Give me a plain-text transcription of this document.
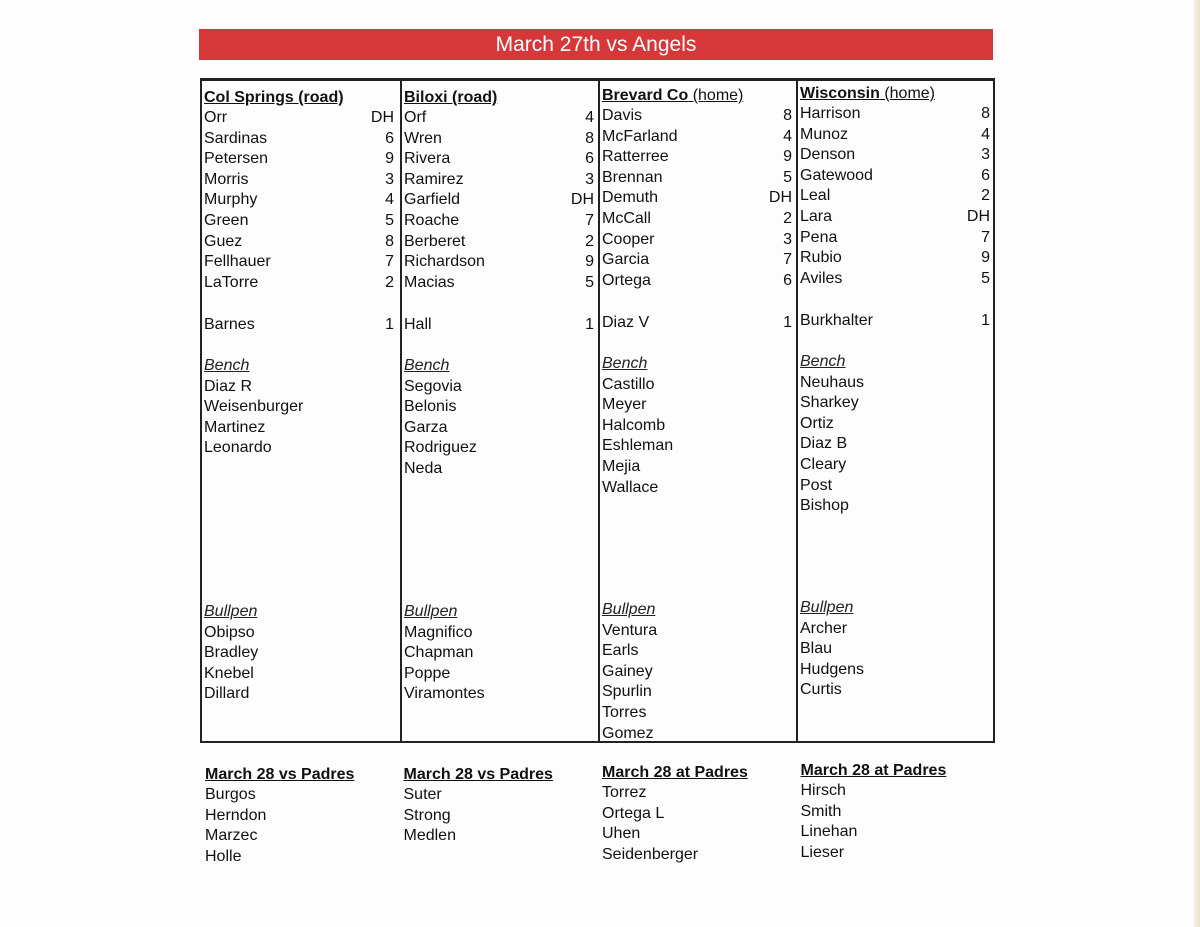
March 27th vs Angels
Col Springs (road)
Orr	DH
Sardinas	6
Petersen	9
Morris	3
Murphy	4
Green	5
Guez	8
Fellhauer	7
LaTorre	2
Barnes	1
Bench
Diaz R
Weisenburger
Martinez
Leonardo
Bullpen
Obipso
Bradley
Knebel
Dillard
Biloxi (road)
Orf	4
Wren	8
Rivera	6
Ramirez	3
Garfield	DH
Roache	7
Berberet	2
Richardson	9
Macias	5
Hall	1
Bench
Segovia
Belonis
Garza
Rodriguez
Neda
Bullpen
Magnifico
Chapman
Poppe
Viramontes
Brevard Co (home)
Davis	8
McFarland	4
Ratterree	9
Brennan	5
Demuth	DH
McCall	2
Cooper	3
Garcia	7
Ortega	6
Diaz V	1
Bench
Castillo
Meyer
Halcomb
Eshleman
Mejia
Wallace
Bullpen
Ventura
Earls
Gainey
Spurlin
Torres
Gomez
Wisconsin (home)
Harrison	8
Munoz	4
Denson	3
Gatewood	6
Leal	2
Lara	DH
Pena	7
Rubio	9
Aviles	5
Burkhalter	1
Bench
Neuhaus
Sharkey
Ortiz
Diaz B
Cleary
Post
Bishop
Bullpen
Archer
Blau
Hudgens
Curtis
March 28 vs Padres
Burgos
Herndon
Marzec
Holle
March 28 vs Padres
Suter
Strong
Medlen
March 28 at Padres
Torrez
Ortega L
Uhen
Seidenberger
March 28 at Padres
Hirsch
Smith
Linehan
Lieser
